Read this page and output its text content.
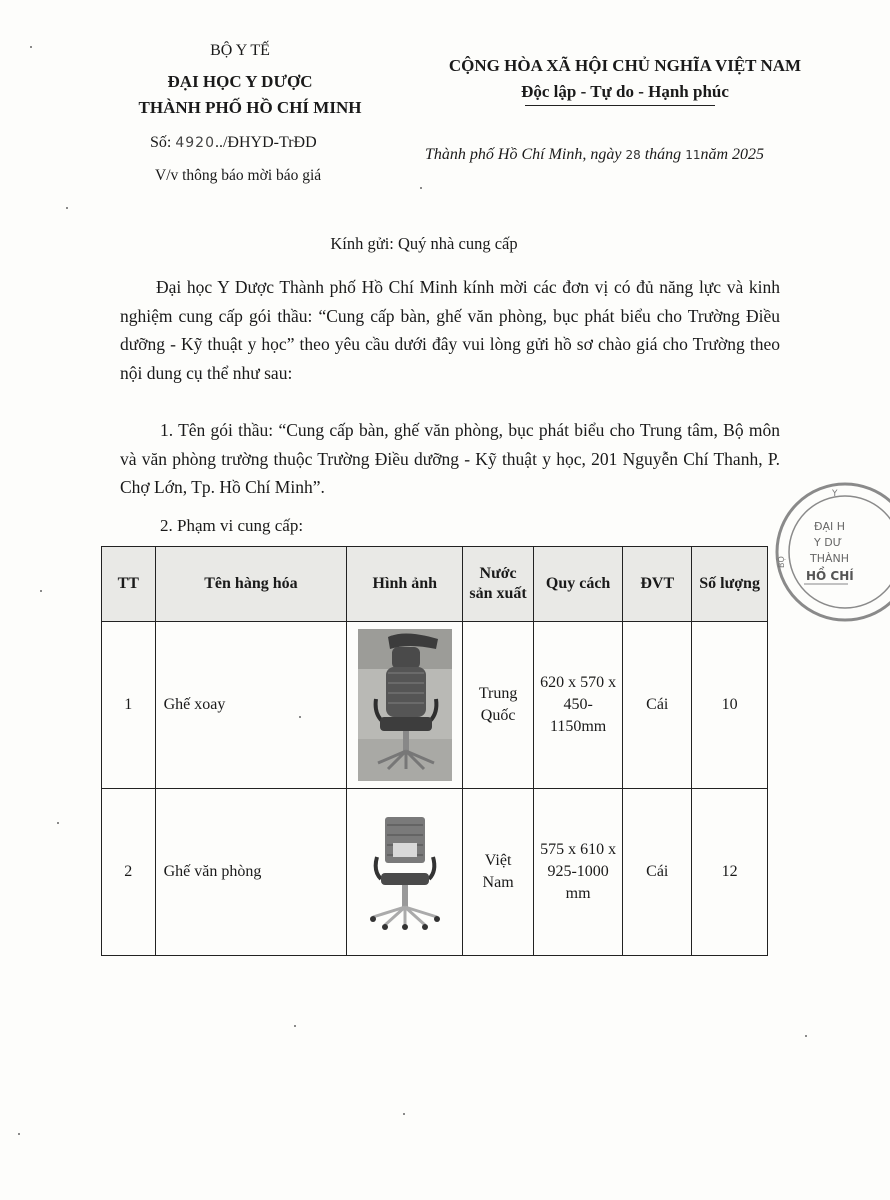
BỘ Y TẾ
ĐẠI HỌC Y DƯỢC
THÀNH PHỐ HỒ CHÍ MINH
Số: 4920../ĐHYD-TrĐD
V/v thông báo mời báo giá
CỘNG HÒA XÃ HỘI CHỦ NGHĨA VIỆT NAM
Độc lập - Tự do - Hạnh phúc
Thành phố Hồ Chí Minh, ngày 28 tháng 11năm 2025
Kính gửi: Quý nhà cung cấp
Đại học Y Dược Thành phố Hồ Chí Minh kính mời các đơn vị có đủ năng lực và kinh nghiệm cung cấp gói thầu: “Cung cấp bàn, ghế văn phòng, bục phát biểu cho Trường Điều dưỡng - Kỹ thuật y học” theo yêu cầu dưới đây vui lòng gửi hồ sơ chào giá cho Trường theo nội dung cụ thể như sau:
1. Tên gói thầu: “Cung cấp bàn, ghế văn phòng, bục phát biểu cho Trung tâm, Bộ môn và văn phòng trường thuộc Trường Điều dưỡng - Kỹ thuật y học, 201 Nguyễn Chí Thanh, P. Chợ Lớn, Tp. Hồ Chí Minh”.
2. Phạm vi cung cấp:
Y
ĐẠI H
Y DƯ
THÀNH
HỒ CHÍ
BỘ
TT	Tên hàng hóa	Hình ảnh	Nước sản xuất	Quy cách	ĐVT	Số lượng
1	Ghế xoay		Trung Quốc	620 x 570 x 450-1150mm	Cái	10
2	Ghế văn phòng		Việt Nam	575 x 610 x 925-1000 mm	Cái	12
